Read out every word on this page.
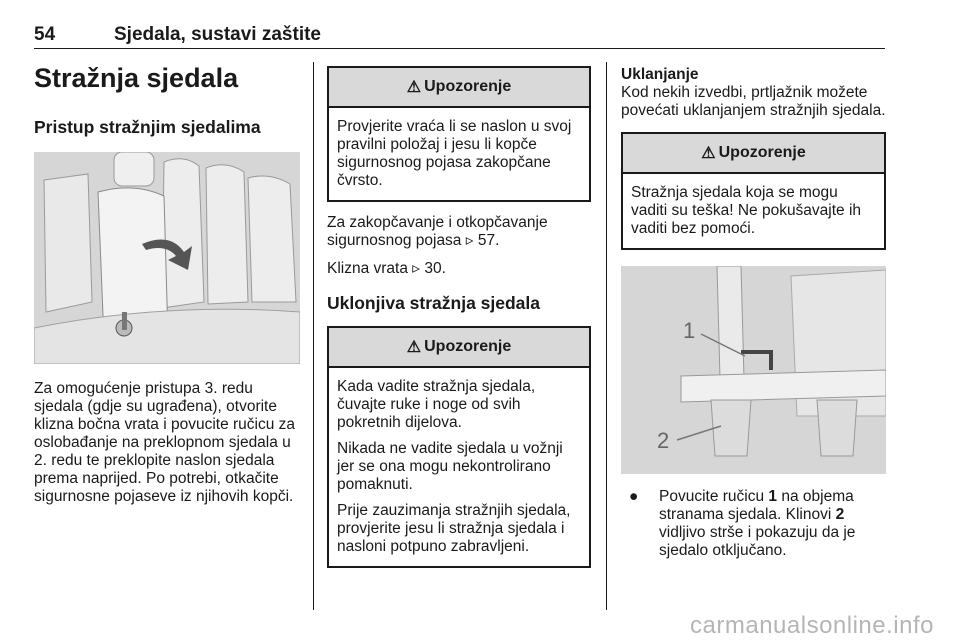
54	Sjedala, sustavi zaštite
Stražnja sjedala
Pristup stražnjim sjedalima

Za omogućenje pristupa 3. redu sjedala (gdje su ugrađena), otvorite klizna bočna vrata i povucite ručicu za oslobađanje na preklopnom sjedala u 2. redu te preklopite naslon sjedala prema naprijed. Po potrebi, otkačite sigurnosne pojaseve iz njihovih kopči.

⚠ Upozorenje

Provjerite vraća li se naslon u svoj pravilni položaj i jesu li kopče sigurnosnog pojasa zakopčane čvrsto.

Za zakopčavanje i otkopčavanje sigurnosnog pojasa ▹ 57.

Klizna vrata ▹ 30.

Uklonjiva stražnja sjedala
⚠ Upozorenje

Kada vadite stražnja sjedala, čuvajte ruke i noge od svih pokretnih dijelova.

Nikada ne vadite sjedala u vožnji jer se ona mogu nekontrolirano pomaknuti.

Prije zauzimanja stražnjih sjedala, provjerite jesu li stražnja sjedala i nasloni potpuno zabravljeni.

Uklanjanje

Kod nekih izvedbi, prtljažnik možete povećati uklanjanjem stražnjih sjedala.

⚠ Upozorenje

Stražnja sjedala koja se mogu vaditi su teška! Ne pokušavajte ih vaditi bez pomoći.

1
2
●	Povucite ručicu 1 na objema stranama sjedala. Klinovi 2 vidljivo strše i pokazuju da je sjedalo otključano.

carmanualsonline.info
